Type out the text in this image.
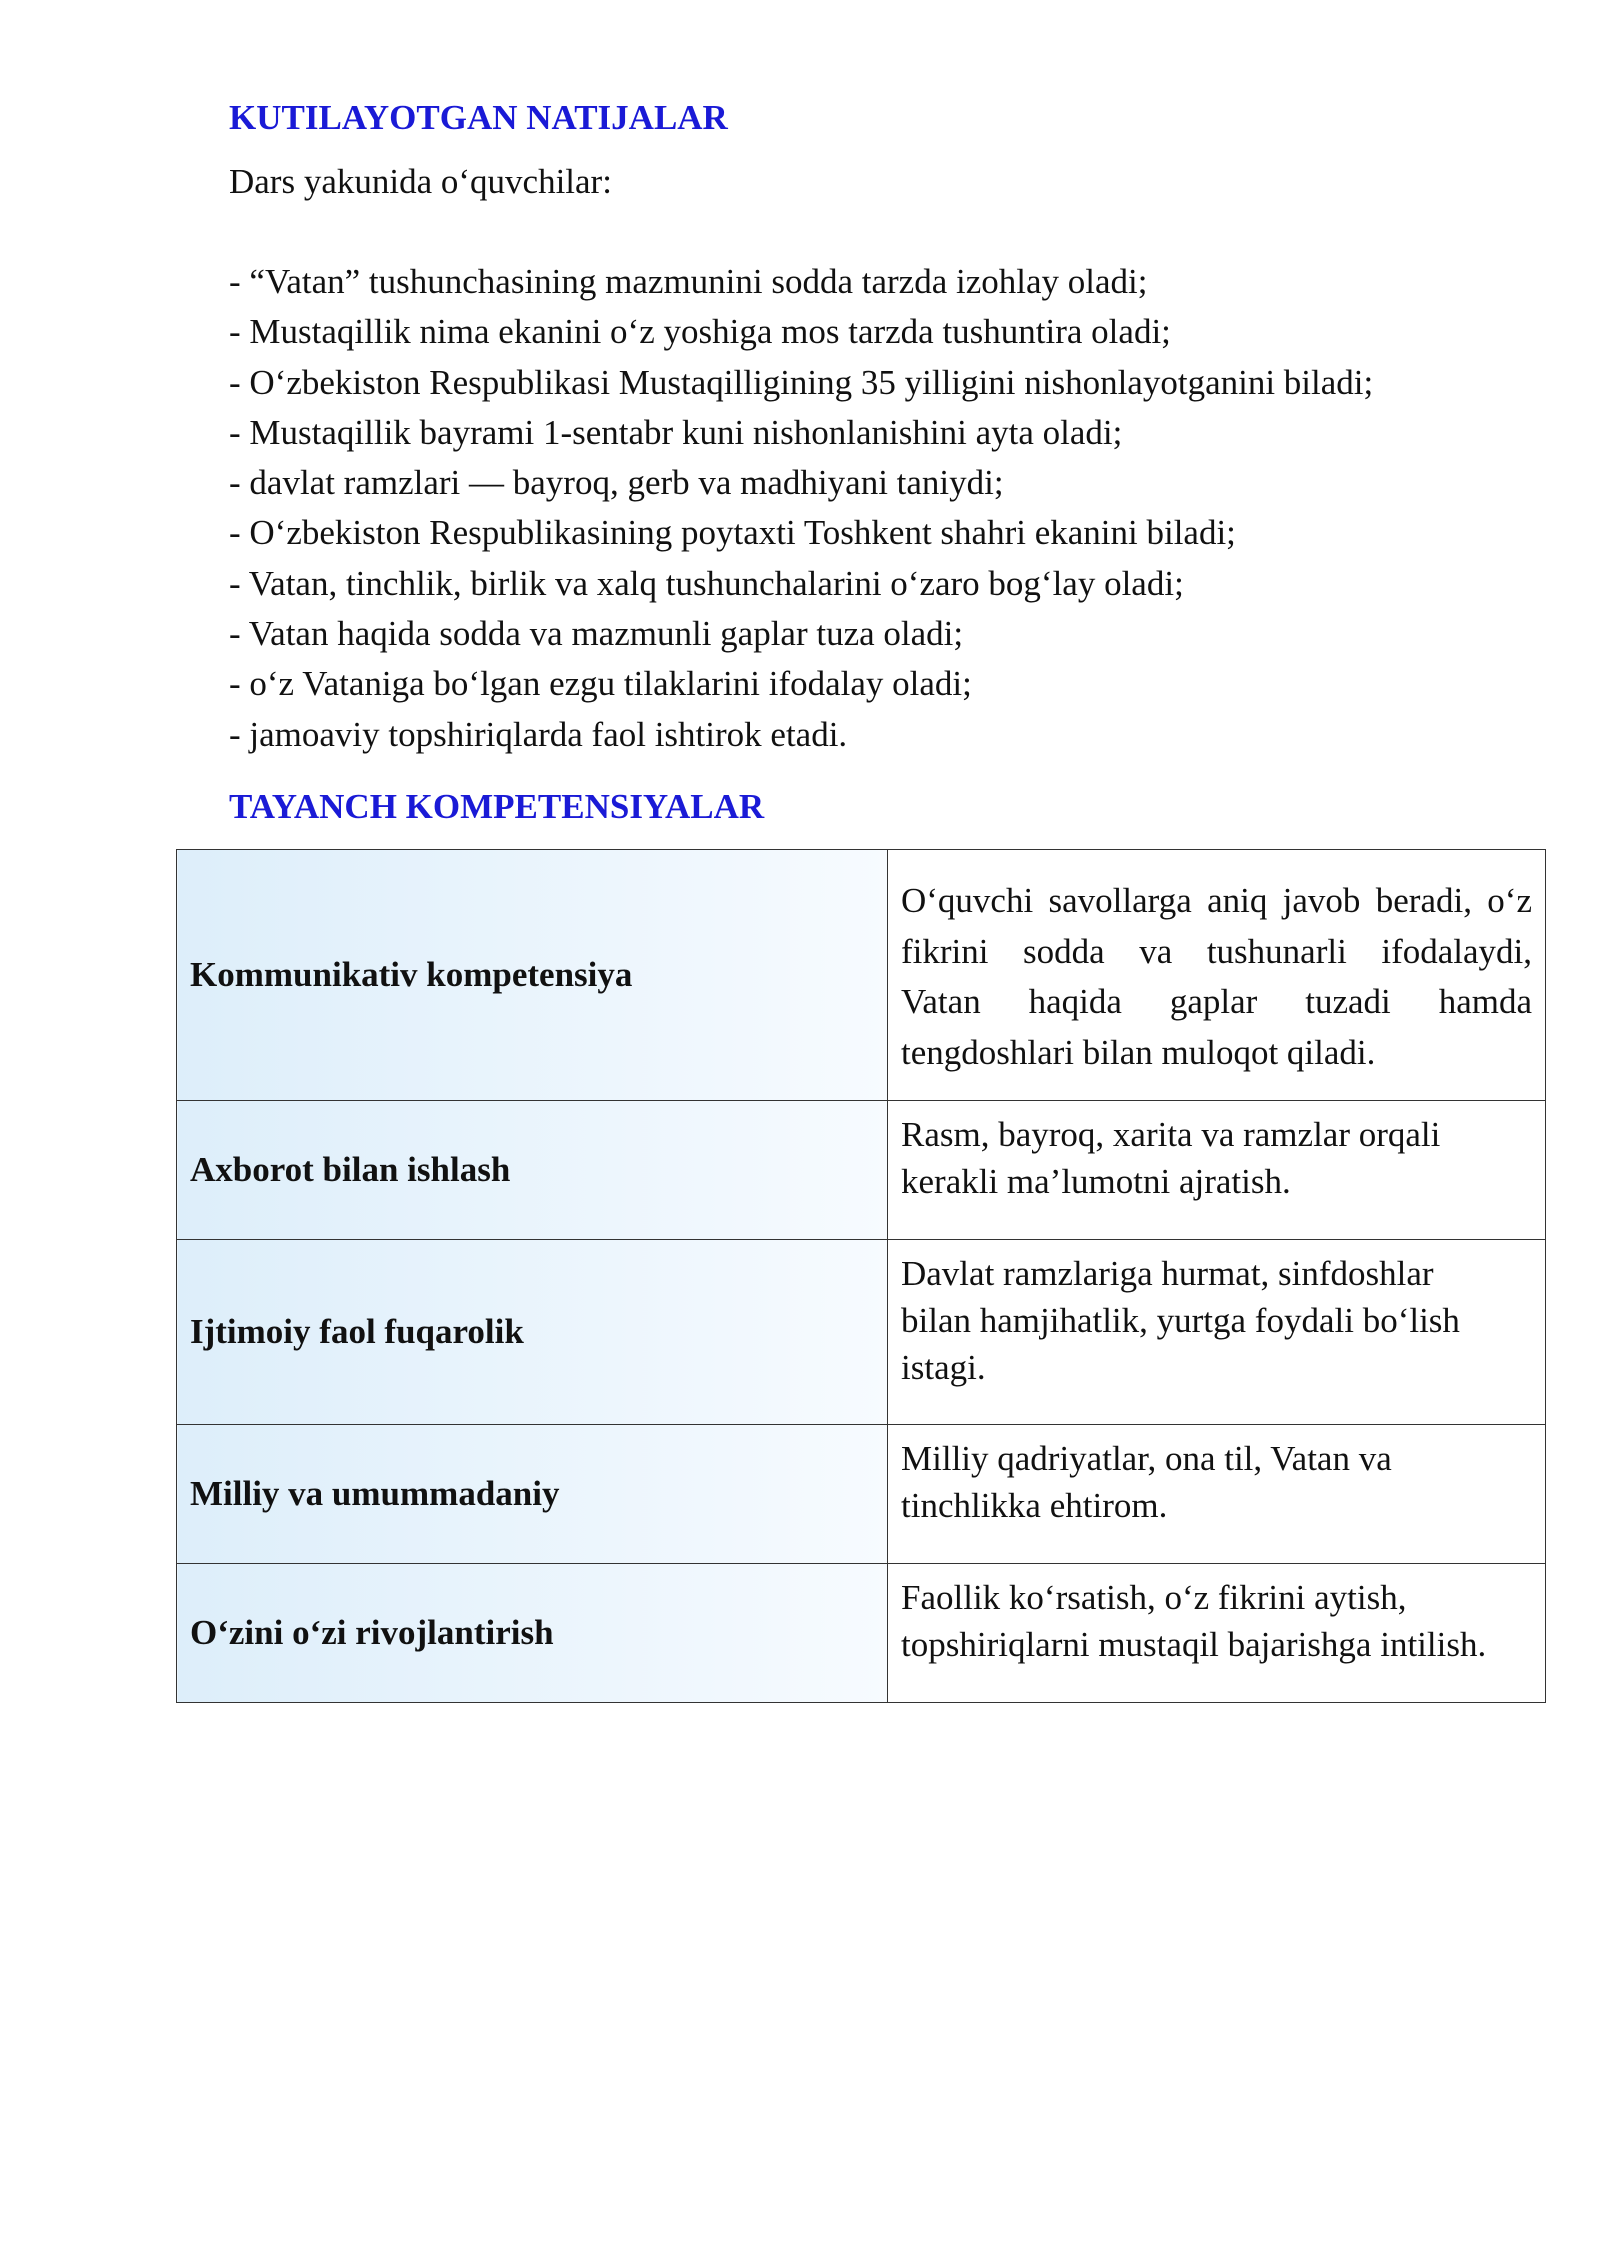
KUTILAYOTGAN NATIJALAR
Dars yakunida o‘quvchilar:
- “Vatan” tushunchasining mazmunini sodda tarzda izohlay oladi;
- Mustaqillik nima ekanini o‘z yoshiga mos tarzda tushuntira oladi;
- O‘zbekiston Respublikasi Mustaqilligining 35 yilligini nishonlayotganini biladi;
- Mustaqillik bayrami 1-sentabr kuni nishonlanishini ayta oladi;
- davlat ramzlari — bayroq, gerb va madhiyani taniydi;
- O‘zbekiston Respublikasining poytaxti Toshkent shahri ekanini biladi;
- Vatan, tinchlik, birlik va xalq tushunchalarini o‘zaro bog‘lay oladi;
- Vatan haqida sodda va mazmunli gaplar tuza oladi;
- o‘z Vataniga bo‘lgan ezgu tilaklarini ifodalay oladi;
- jamoaviy topshiriqlarda faol ishtirok etadi.
TAYANCH KOMPETENSIYALAR
Kommunikativ kompetensiya	O‘quvchi savollarga aniq javob beradi, o‘z
fikrini sodda va tushunarli ifodalaydi,
Vatan haqida gaplar tuzadi hamda
tengdoshlari bilan muloqot qiladi.

Axborot bilan ishlash	Rasm, bayroq, xarita va ramzlar orqali
kerakli ma’lumotni ajratish.

Ijtimoiy faol fuqarolik	Davlat ramzlariga hurmat, sinfdoshlar
bilan hamjihatlik, yurtga foydali bo‘lish
istagi.

Milliy va umummadaniy	Milliy qadriyatlar, ona til, Vatan va
tinchlikka ehtirom.

O‘zini o‘zi rivojlantirish	Faollik ko‘rsatish, o‘z fikrini aytish,
topshiriqlarni mustaqil bajarishga intilish.
